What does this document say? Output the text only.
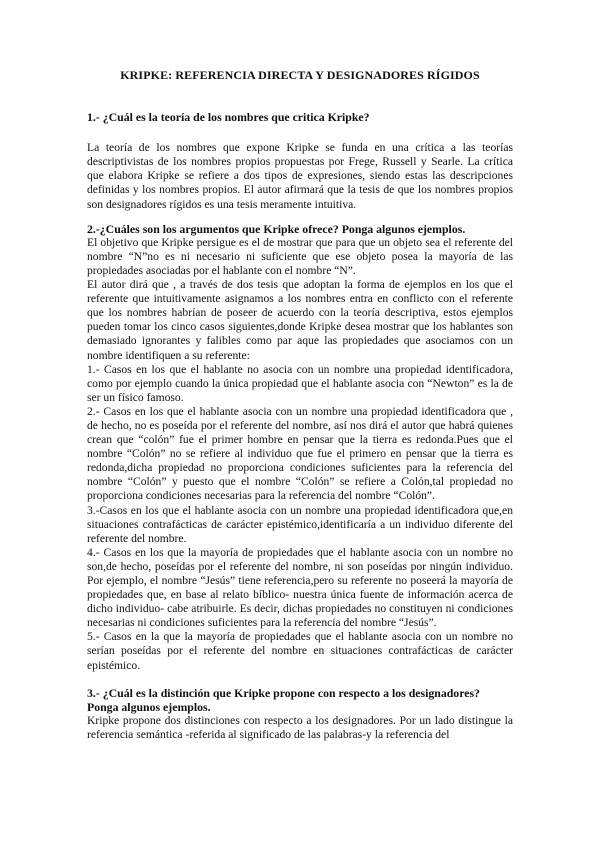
KRIPKE: REFERENCIA DIRECTA Y DESIGNADORES RÍGIDOS
1.- ¿Cuál es la teoría de los nombres que critica Kripke?

La teoría de los nombres que expone Kripke se funda en una crítica a las teorías descriptivistas de los nombres propios propuestas por Frege, Russell y Searle. La crítica que elabora Kripke se refiere a dos tipos de expresiones, siendo estas las descripciones definidas y los nombres propios. El autor afirmará que la tesis de que los nombres propios son designadores rígidos es una tesis meramente intuitiva.

2.-¿Cuáles son los argumentos que Kripke ofrece? Ponga algunos ejemplos.

El objetivo que Kripke persigue es el de mostrar que para que un objeto sea el referente del nombre “N”no es ni necesario ni suficiente que ese objeto posea la mayoría de las propiedades asociadas por el hablante con el nombre “N”.

El autor dirá que , a través de dos tesis que adoptan la forma de ejemplos en los que el referente que intuitivamente asignamos a los nombres entra en conflicto con el referente que los nombres habrían de poseer de acuerdo con la teoría descriptiva, estos ejemplos pueden tomar los cinco casos siguientes,donde Kripke desea mostrar que los hablantes son demasiado ignorantes y falibles como par aque las propiedades que asociamos con un nombre identifiquen a su referente:

1.- Casos en los que el hablante no asocia con un nombre una propiedad identificadora, como por ejemplo cuando la única propiedad que el hablante asocia con “Newton” es la de ser un físico famoso.

2.- Casos en los que el hablante asocia con un nombre una propiedad identificadora que , de hecho, no es poseída por el referente del nombre, así nos dirá el autor que habrá quienes crean que “colón” fue el primer hombre en pensar que la tierra es redonda.Pues que el nombre “Colón” no se refiere al individuo que fue el primero en pensar que la tierra es redonda,dicha propiedad no proporciona condiciones suficientes para la referencia del nombre “Colón” y puesto que el nombre “Colón” se refiere a Colón,tal propiedad no proporciona condiciones necesarias para la referencia del nombre “Colón”.

3.-Casos en los que el hablante asocia con un nombre una propiedad identificadora que,en situaciones contrafácticas de carácter epistémico,identificaría a un individuo diferente del referente del nombre.

4.- Casos en los que la mayoría de propiedades que el hablante asocia con un nombre no son,de hecho, poseídas por el referente del nombre, ni son poseídas por ningún individuo. Por ejemplo, el nombre “Jesús” tiene referencia,pero su referente no poseerá la mayoría de propiedades que, en base al relato bíblico- nuestra única fuente de información acerca de dicho individuo- cabe atribuirle. Es decir, dichas propiedades no constituyen ni condiciones necesarias ni condiciones suficientes para la referencia del nombre “Jesús”.

5.- Casos en la que la mayoría de propiedades que el hablante asocia con un nombre no serían poseídas por el referente del nombre en situaciones contrafácticas de carácter epistémico.

3.- ¿Cuál es la distinción que Kripke propone con respecto a los designadores? Ponga algunos ejemplos.

Kripke propone dos distinciones con respecto a los designadores. Por un lado distingue la referencia semántica -referida al significado de las palabras-y la referencia del
